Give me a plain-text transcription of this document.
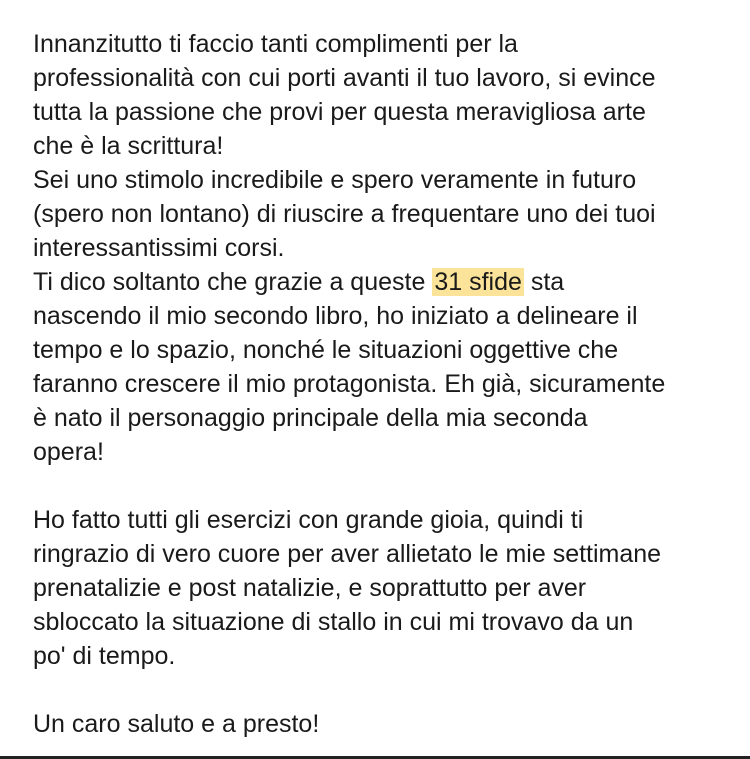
Innanzitutto ti faccio tanti complimenti per la
professionalità con cui porti avanti il tuo lavoro, si evince
tutta la passione che provi per questa meravigliosa arte
che è la scrittura!
Sei uno stimolo incredibile e spero veramente in futuro
(spero non lontano) di riuscire a frequentare uno dei tuoi
interessantissimi corsi.
Ti dico soltanto che grazie a queste 31 sfide sta
nascendo il mio secondo libro, ho iniziato a delineare il
tempo e lo spazio, nonché le situazioni oggettive che
faranno crescere il mio protagonista. Eh già, sicuramente
è nato il personaggio principale della mia seconda
opera!

Ho fatto tutti gli esercizi con grande gioia, quindi ti
ringrazio di vero cuore per aver allietato le mie settimane
prenatalizie e post natalizie, e soprattutto per aver
sbloccato la situazione di stallo in cui mi trovavo da un
po' di tempo.

Un caro saluto e a presto!
